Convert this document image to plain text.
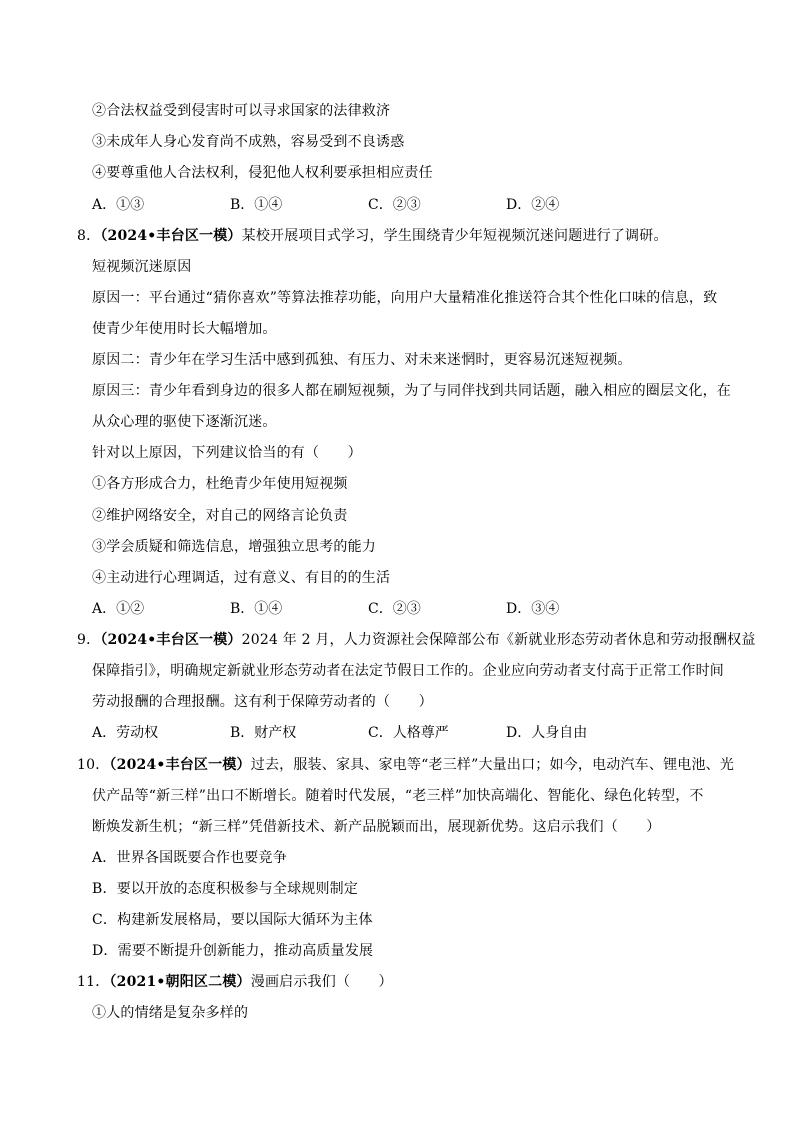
②合法权益受到侵害时可以寻求国家的法律救济
③未成年人身心发育尚不成熟，容易受到不良诱惑
④要尊重他人合法权利，侵犯他人权利要承担相应责任
A．①③	B．①④	C．②③	D．②④
8．（2024•丰台区一模）某校开展项目式学习，学生围绕青少年短视频沉迷问题进行了调研。
短视频沉迷原因
原因一：平台通过“猜你喜欢”等算法推荐功能，向用户大量精准化推送符合其个性化口味的信息，致
使青少年使用时长大幅增加。
原因二：青少年在学习生活中感到孤独、有压力、对未来迷惘时，更容易沉迷短视频。
原因三：青少年看到身边的很多人都在刷短视频，为了与同伴找到共同话题，融入相应的圈层文化，在
从众心理的驱使下逐渐沉迷。
针对以上原因，下列建议恰当的有（　　）
①各方形成合力，杜绝青少年使用短视频
②维护网络安全，对自己的网络言论负责
③学会质疑和筛选信息，增强独立思考的能力
④主动进行心理调适，过有意义、有目的的生活
A．①②	B．①④	C．②③	D．③④
9．（2024•丰台区一模）2024 年 2 月，人力资源社会保障部公布《新就业形态劳动者休息和劳动报酬权益
保障指引》，明确规定新就业形态劳动者在法定节假日工作的。企业应向劳动者支付高于正常工作时间
劳动报酬的合理报酬。这有利于保障劳动者的（　　）
A．劳动权	B．财产权	C．人格尊严	D．人身自由
10．（2024•丰台区一模）过去，服装、家具、家电等“老三样”大量出口；如今，电动汽车、锂电池、光
伏产品等“新三样”出口不断增长。随着时代发展，“老三样”加快高端化、智能化、绿色化转型，不
断焕发新生机；“新三样”凭借新技术、新产品脱颖而出，展现新优势。这启示我们（　　）
A．世界各国既要合作也要竞争
B．要以开放的态度积极参与全球规则制定
C．构建新发展格局，要以国际大循环为主体
D．需要不断提升创新能力，推动高质量发展
11．（2021•朝阳区二模）漫画启示我们（　　）
①人的情绪是复杂多样的
